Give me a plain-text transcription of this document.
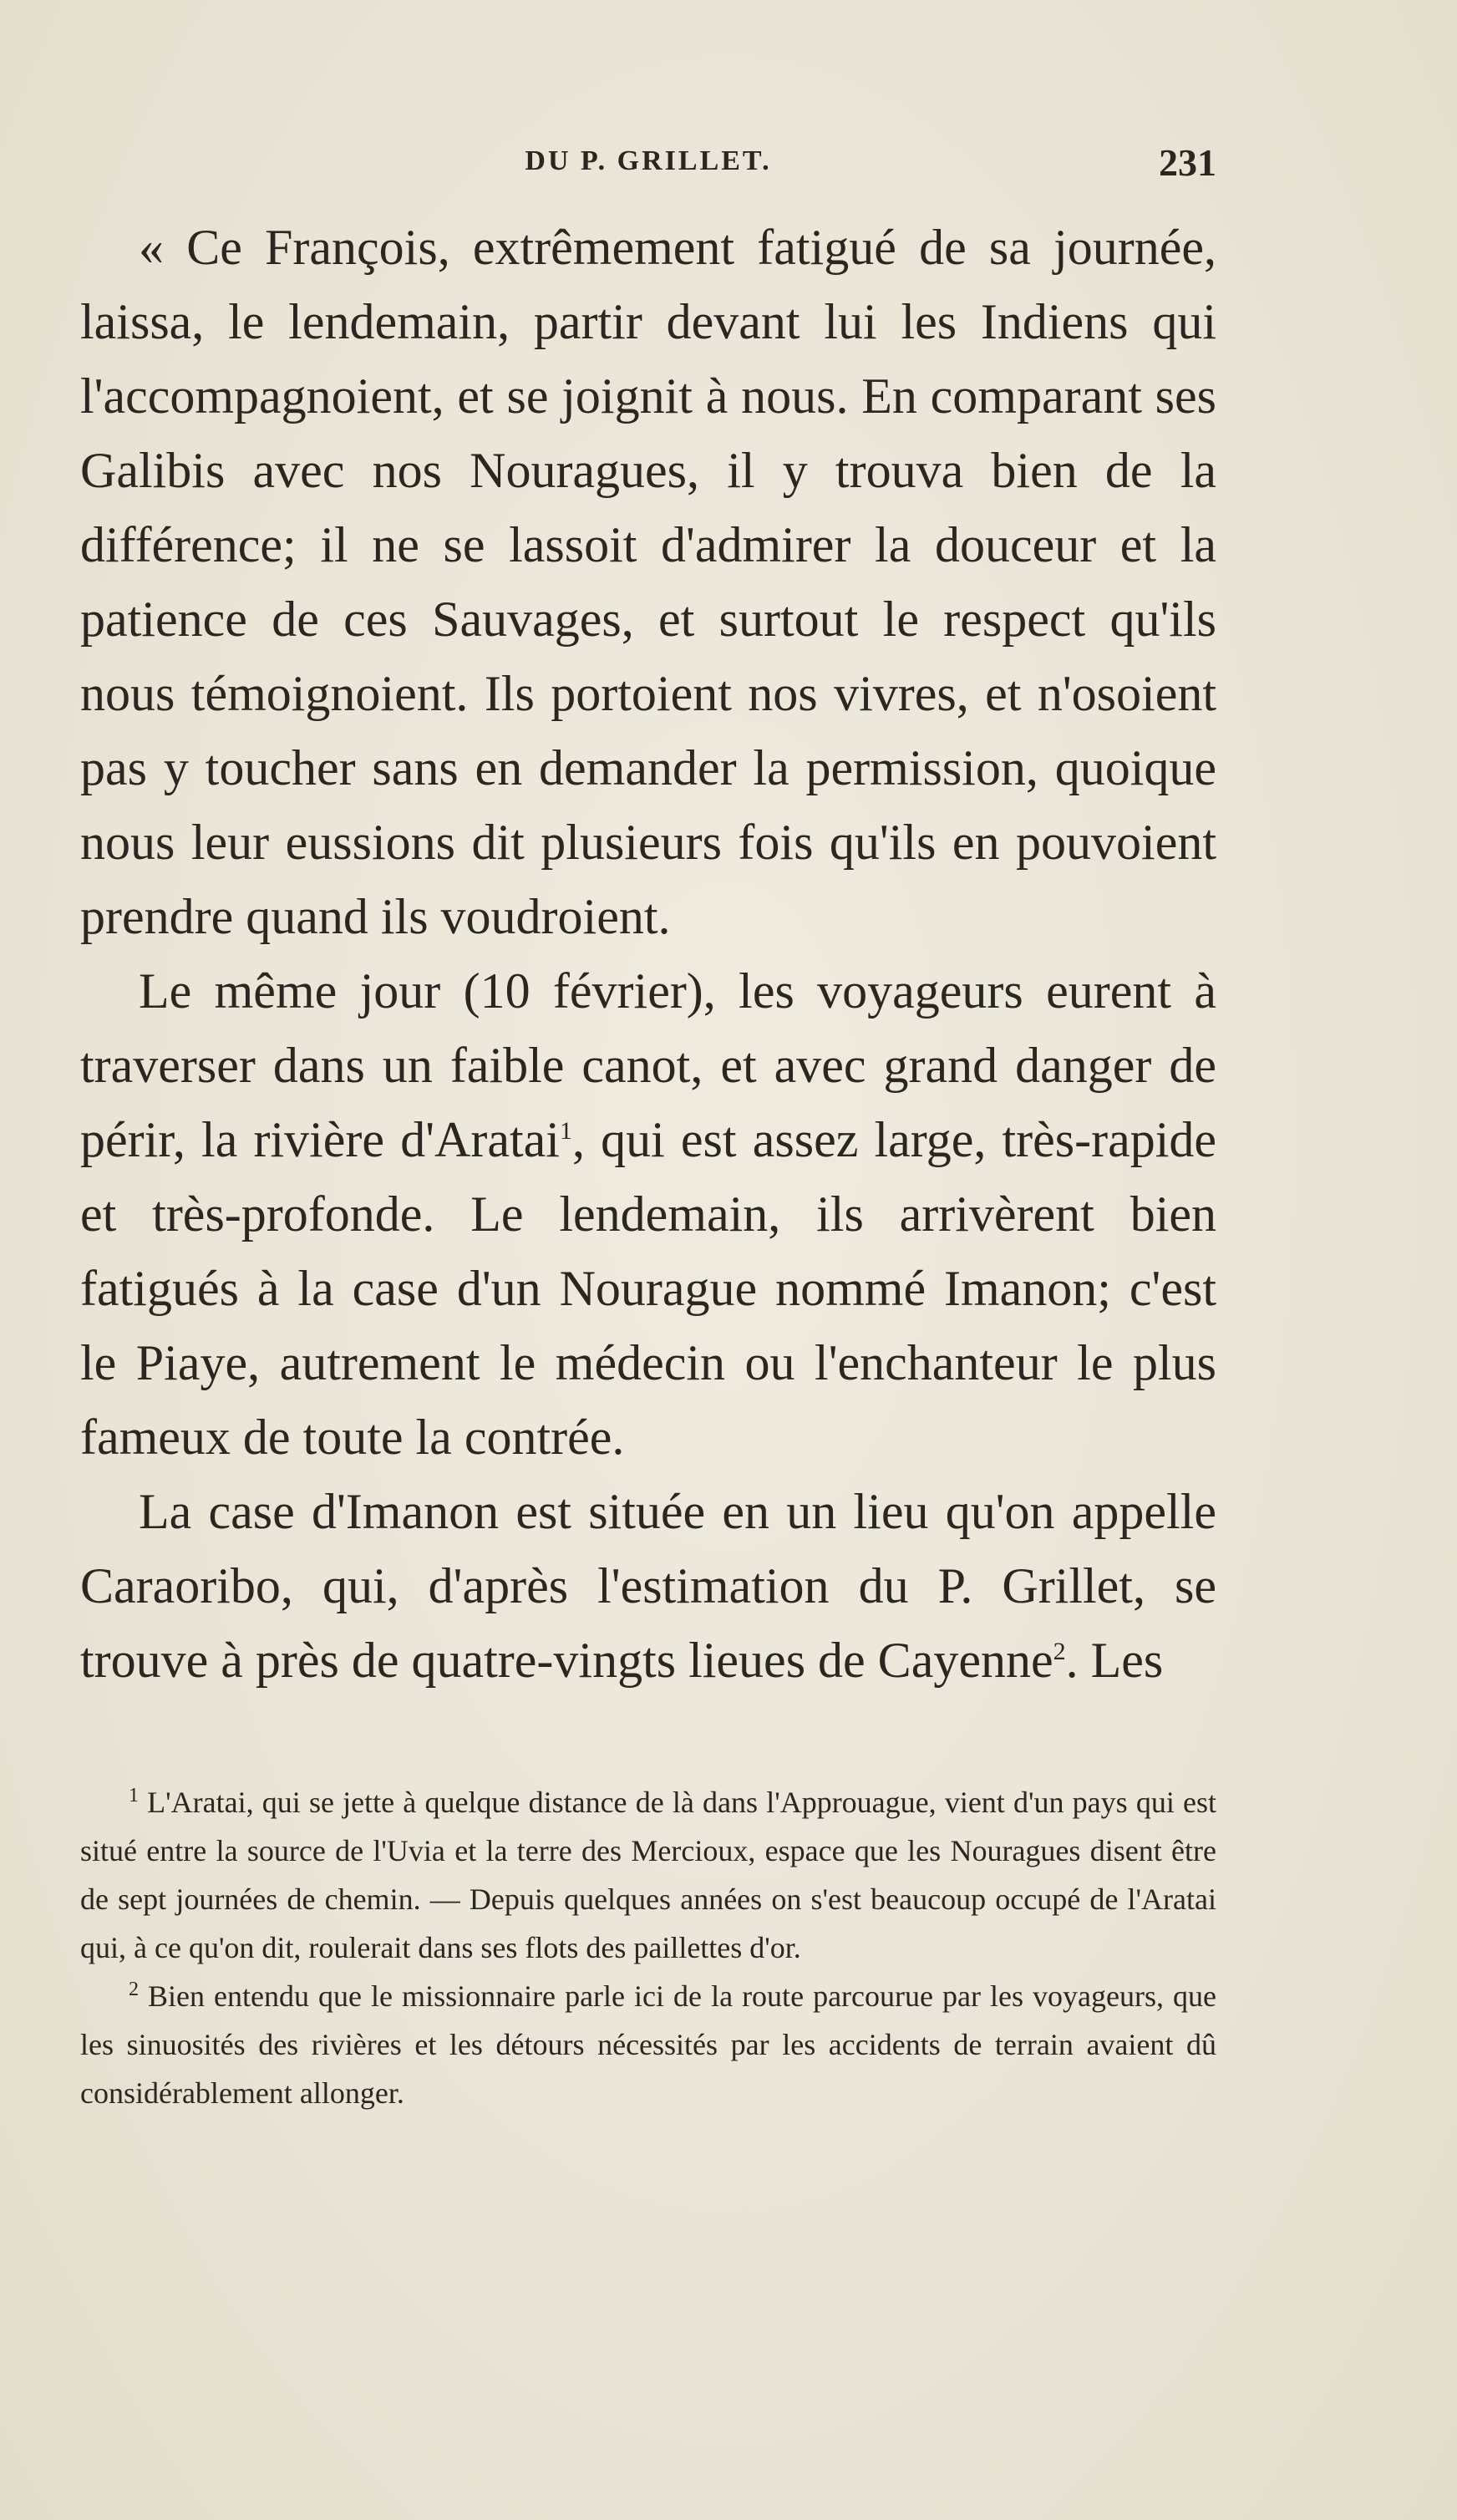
DU P. GRILLET.	231

« Ce François, extrêmement fatigué de sa journée, laissa, le lendemain, partir devant lui les Indiens qui l'accompagnoient, et se joignit à nous. En comparant ses Galibis avec nos Nouragues, il y trouva bien de la différence; il ne se lassoit d'admirer la douceur et la patience de ces Sauvages, et surtout le respect qu'ils nous témoignoient. Ils portoient nos vivres, et n'osoient pas y toucher sans en demander la permission, quoique nous leur eussions dit plusieurs fois qu'ils en pouvoient prendre quand ils voudroient.

Le même jour (10 février), les voyageurs eurent à traverser dans un faible canot, et avec grand danger de périr, la rivière d'Aratai$^1$, qui est assez large, très-rapide et très-profonde. Le lendemain, ils arrivèrent bien fatigués à la case d'un Nourague nommé Imanon; c'est le Piaye, autrement le médecin ou l'enchanteur le plus fameux de toute la contrée.

La case d'Imanon est située en un lieu qu'on appelle Caraoribo, qui, d'après l'estimation du P. Grillet, se trouve à près de quatre-vingts lieues de Cayenne$^2$. Les

$^1$ L'Aratai, qui se jette à quelque distance de là dans l'Approuague, vient d'un pays qui est situé entre la source de l'Uvia et la terre des Mercioux, espace que les Nouragues disent être de sept journées de chemin. — Depuis quelques années on s'est beaucoup occupé de l'Aratai qui, à ce qu'on dit, roulerait dans ses flots des paillettes d'or.

$^2$ Bien entendu que le missionnaire parle ici de la route parcourue par les voyageurs, que les sinuosités des rivières et les détours nécessités par les accidents de terrain avaient dû considérablement allonger.
